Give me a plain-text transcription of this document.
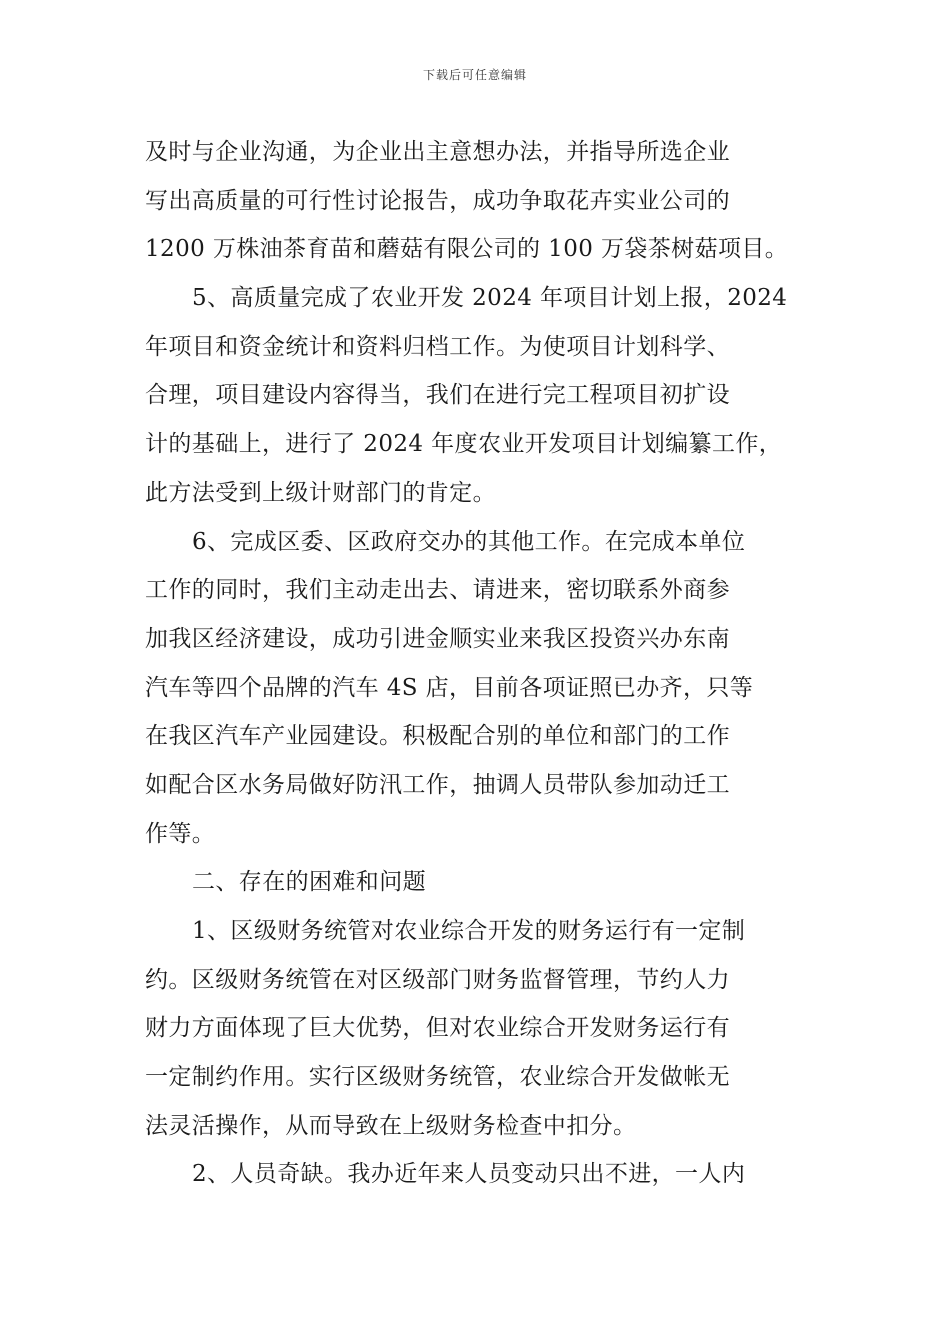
下载后可任意编辑
及时与企业沟通，为企业出主意想办法，并指导所选企业
写出高质量的可行性讨论报告，成功争取花卉实业公司的
1200 万株油茶育苗和蘑菇有限公司的 100 万袋茶树菇项目。
5、高质量完成了农业开发 2024 年项目计划上报，2024
年项目和资金统计和资料归档工作。为使项目计划科学、
合理，项目建设内容得当，我们在进行完工程项目初扩设
计的基础上，进行了 2024 年度农业开发项目计划编纂工作，
此方法受到上级计财部门的肯定。
6、完成区委、区政府交办的其他工作。在完成本单位
工作的同时，我们主动走出去、请进来，密切联系外商参
加我区经济建设，成功引进金顺实业来我区投资兴办东南
汽车等四个品牌的汽车 4S 店，目前各项证照已办齐，只等
在我区汽车产业园建设。积极配合别的单位和部门的工作
如配合区水务局做好防汛工作，抽调人员带队参加动迁工
作等。
二、存在的困难和问题
1、区级财务统管对农业综合开发的财务运行有一定制
约。区级财务统管在对区级部门财务监督管理，节约人力
财力方面体现了巨大优势，但对农业综合开发财务运行有
一定制约作用。实行区级财务统管，农业综合开发做帐无
法灵活操作，从而导致在上级财务检查中扣分。
2、人员奇缺。我办近年来人员变动只出不进，一人内
